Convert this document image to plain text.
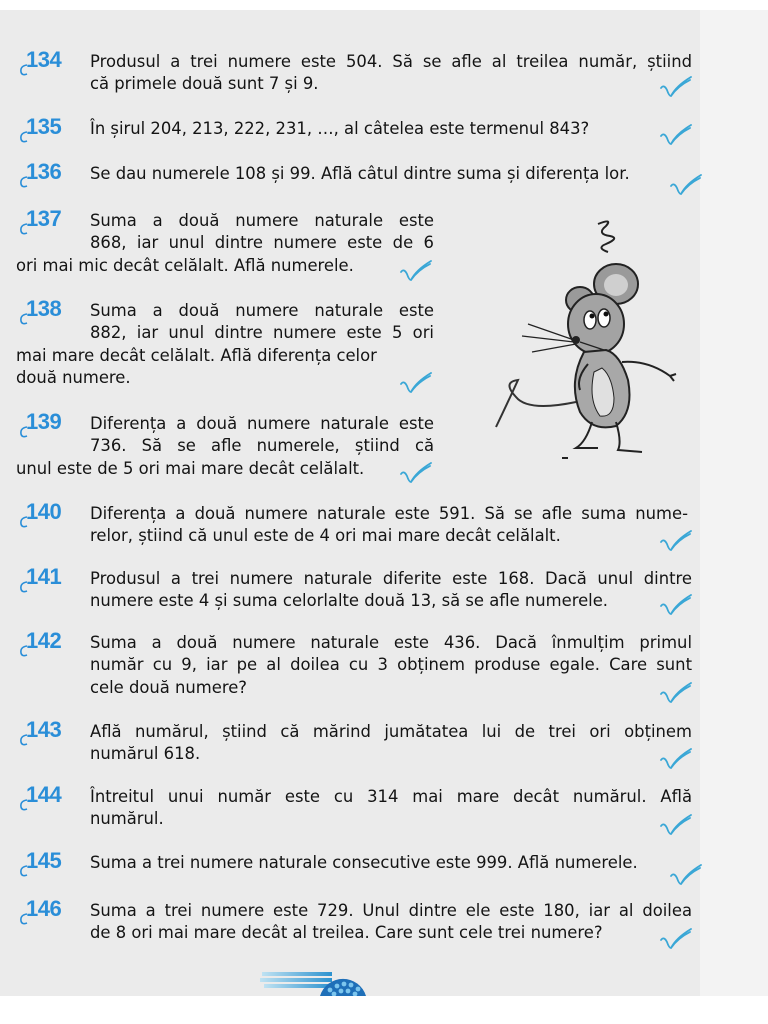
134 Produsul a trei numere este 504. Să se afle al treilea număr, știind
că primele două sunt 7 și 9.
135 În șirul 204, 213, 222, 231, …, al câtelea este termenul 843?
136 Se dau numerele 108 și 99. Află câtul dintre suma și diferența lor.
137 Suma a două numere naturale este
868, iar unul dintre numere este de 6
ori mai mic decât celălalt. Află numerele.
138 Suma a două numere naturale este
882, iar unul dintre numere este 5 ori
mai mare decât celălalt. Află diferența celor
două numere.
139 Diferența a două numere naturale este
736. Să se afle numerele, știind că
unul este de 5 ori mai mare decât celălalt.
140 Diferența a două numere naturale este 591. Să se afle suma nume-
relor, știind că unul este de 4 ori mai mare decât celălalt.
141 Produsul a trei numere naturale diferite este 168. Dacă unul dintre
numere este 4 și suma celorlalte două 13, să se afle numerele.
142 Suma a două numere naturale este 436. Dacă înmulțim primul
număr cu 9, iar pe al doilea cu 3 obținem produse egale. Care sunt
cele două numere?
143 Află numărul, știind că mărind jumătatea lui de trei ori obținem
numărul 618.
144 Întreitul unui număr este cu 314 mai mare decât numărul. Află
numărul.
145 Suma a trei numere naturale consecutive este 999. Află numerele.
146 Suma a trei numere este 729. Unul dintre ele este 180, iar al doilea
de 8 ori mai mare decât al treilea. Care sunt cele trei numere?
